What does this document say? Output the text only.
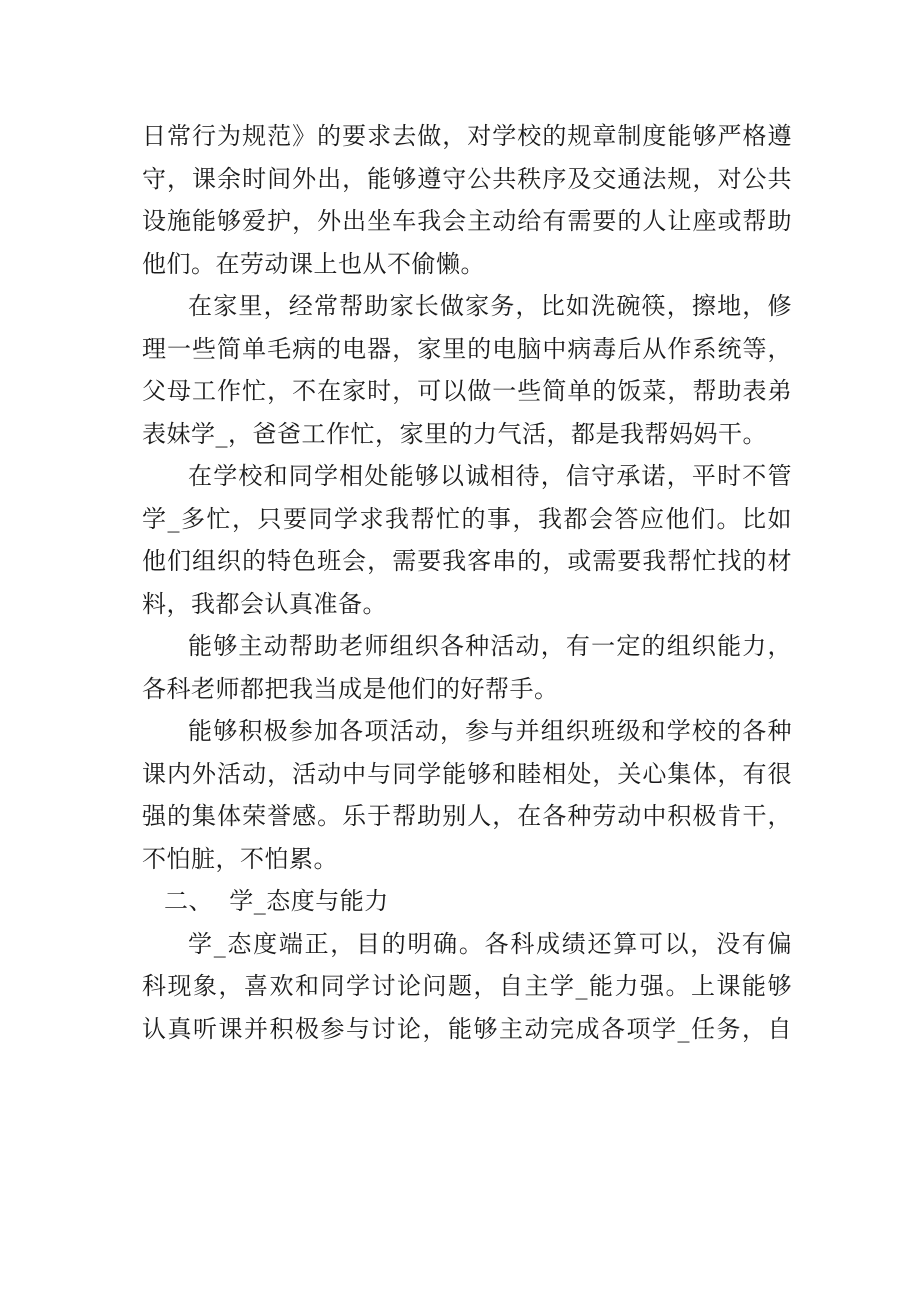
日常行为规范》的要求去做，对学校的规章制度能够严格遵
守，课余时间外出，能够遵守公共秩序及交通法规，对公共
设施能够爱护，外出坐车我会主动给有需要的人让座或帮助
他们。在劳动课上也从不偷懒。

在家里，经常帮助家长做家务，比如洗碗筷，擦地，修
理一些简单毛病的电器，家里的电脑中病毒后从作系统等，
父母工作忙，不在家时，可以做一些简单的饭菜，帮助表弟
表妹学_，爸爸工作忙，家里的力气活，都是我帮妈妈干。

在学校和同学相处能够以诚相待，信守承诺，平时不管
学_多忙，只要同学求我帮忙的事，我都会答应他们。比如
他们组织的特色班会，需要我客串的，或需要我帮忙找的材
料，我都会认真准备。

能够主动帮助老师组织各种活动，有一定的组织能力，
各科老师都把我当成是他们的好帮手。

能够积极参加各项活动，参与并组织班级和学校的各种
课内外活动，活动中与同学能够和睦相处，关心集体，有很
强的集体荣誉感。乐于帮助别人，在各种劳动中积极肯干，
不怕脏，不怕累。

二、  学_态度与能力

学_态度端正，目的明确。各科成绩还算可以，没有偏
科现象，喜欢和同学讨论问题，自主学_能力强。上课能够
认真听课并积极参与讨论，能够主动完成各项学_任务，自
